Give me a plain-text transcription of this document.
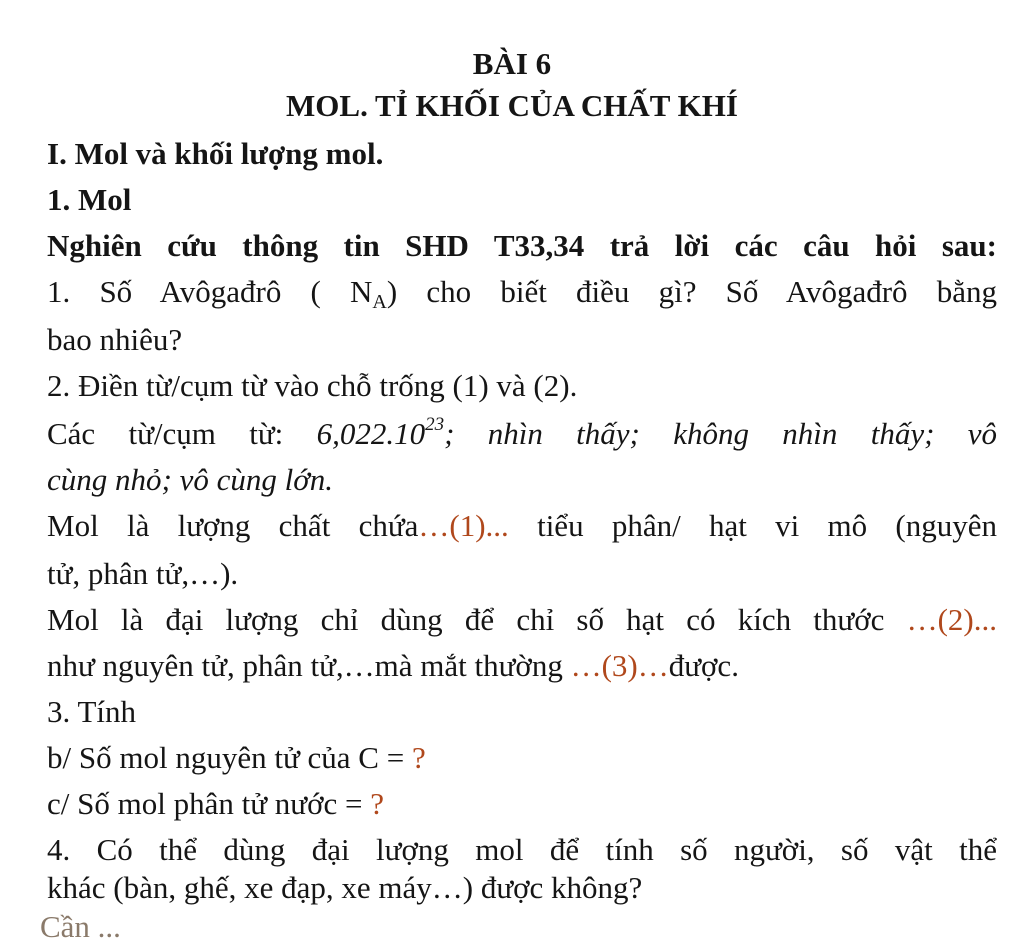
BÀI 6
MOL. TỈ KHỐI CỦA CHẤT KHÍ
I. Mol và khối lượng mol.
1. Mol
Nghiên cứu thông tin SHD T33,34 trả lời các câu hỏi sau:
1. Số Avôgađrô ( $N_A$) cho biết điều gì? Số Avôgađrô bằng
bao nhiêu?
2. Điền từ/cụm từ vào chỗ trống (1) và (2).
Các từ/cụm từ: 6,022.10$^{23}$; nhìn thấy; không nhìn thấy; vô
cùng nhỏ; vô cùng lớn.
Mol là lượng chất chứa…(1)... tiểu phân/ hạt vi mô (nguyên
tử, phân tử,…).
Mol là đại lượng chỉ dùng để chỉ số hạt có kích thước …(2)...
như nguyên tử, phân tử,…mà mắt thường …(3)…được.
3. Tính
b/ Số mol nguyên tử của C = ?
c/ Số mol phân tử nước = ?
4. Có thể dùng đại lượng mol để tính số người, số vật thể
khác (bàn, ghế, xe đạp, xe máy…) được không?
Cần ...
